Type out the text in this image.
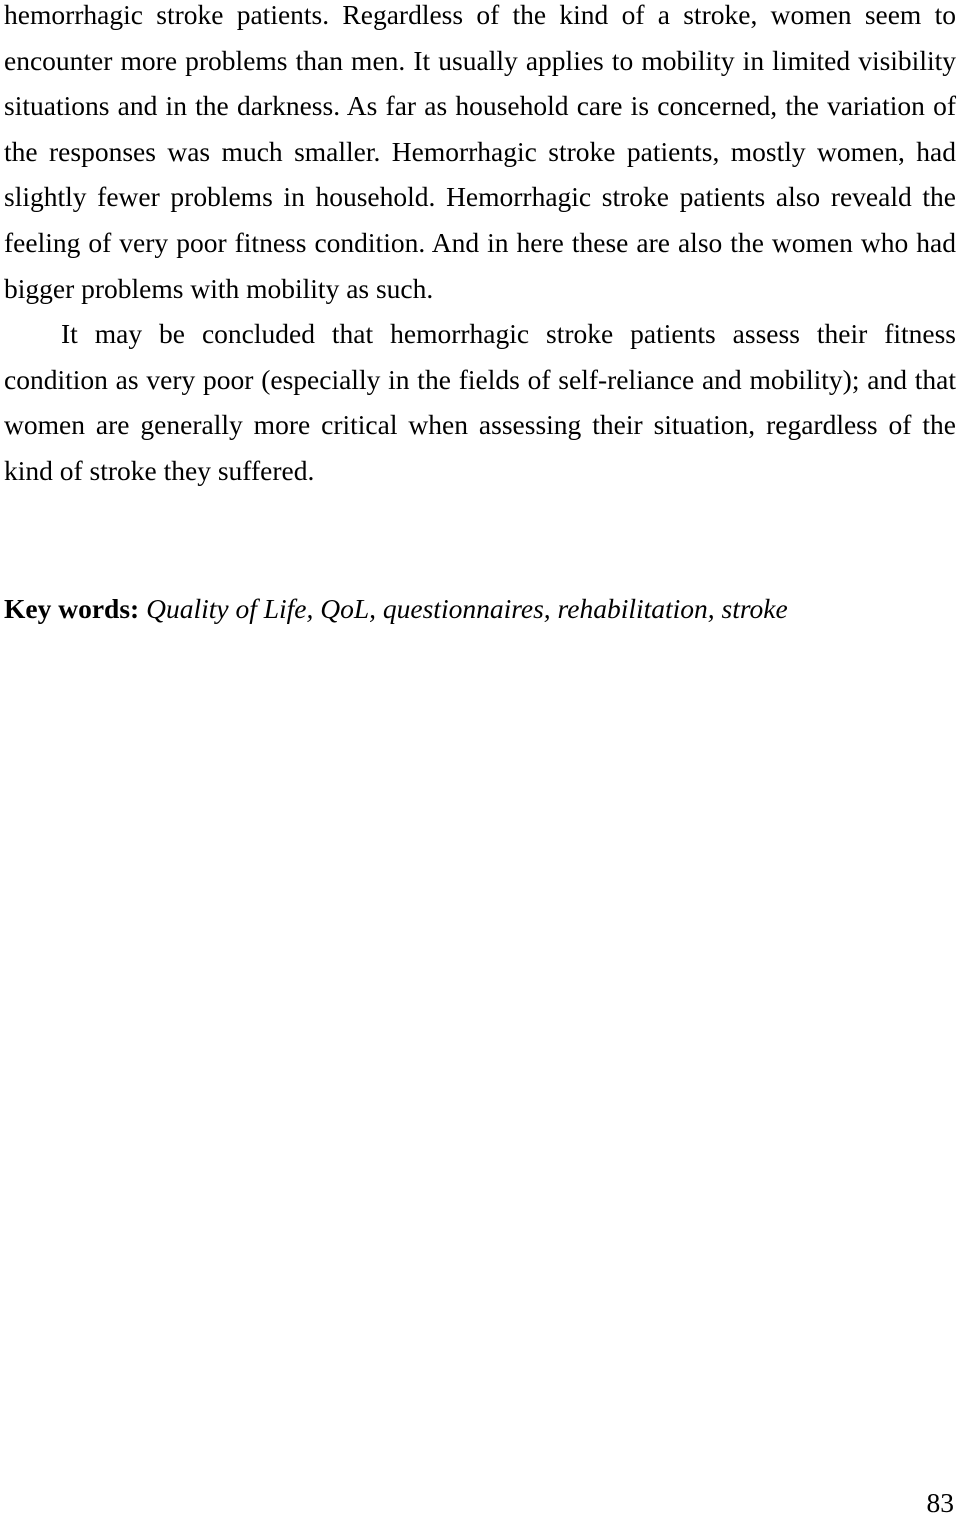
hemorrhagic stroke patients. Regardless of the kind of a stroke, women seem to encounter more problems than men. It usually applies to mobility in limited visibility situations and in the darkness. As far as household care is concerned, the variation of the responses was much smaller. Hemorrhagic stroke patients, mostly women, had slightly fewer problems in household. Hemorrhagic stroke patients also reveald the feeling of very poor fitness condition. And in here these are also the women who had bigger problems with mobility as such.

It may be concluded that hemorrhagic stroke patients assess their fitness condition as very poor (especially in the fields of self-reliance and mobility); and that women are generally more critical when assessing their situation, regardless of the kind of stroke they suffered.

Key words: Quality of Life, QoL, questionnaires, rehabilitation, stroke
83
